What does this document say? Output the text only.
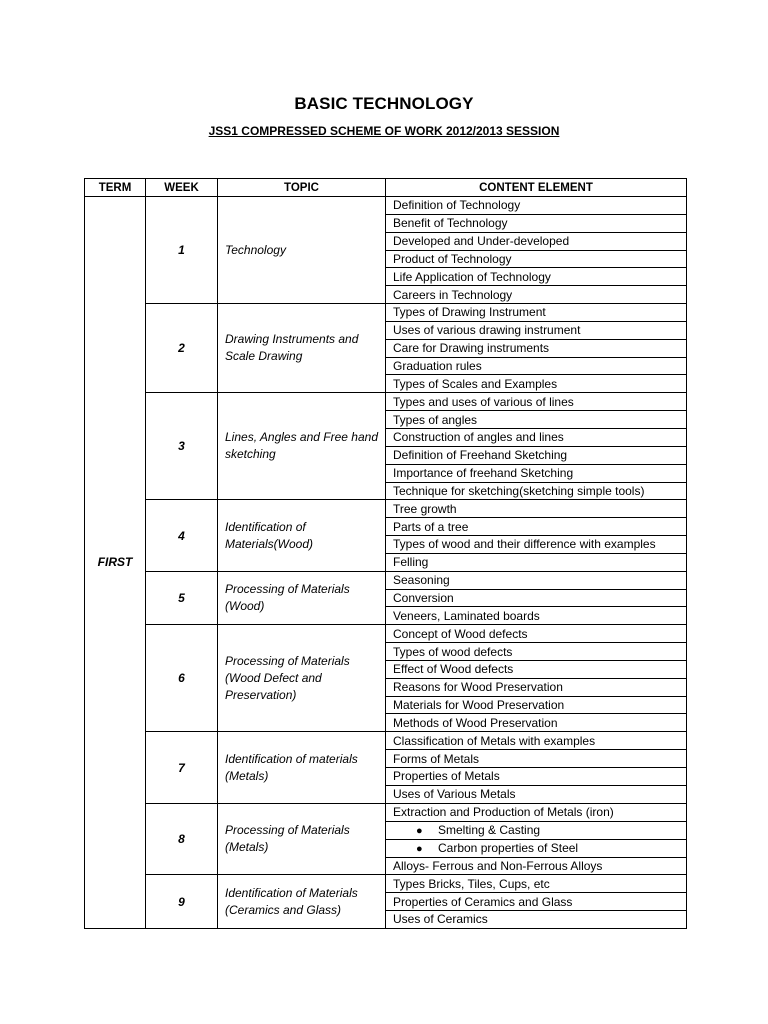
BASIC TECHNOLOGY
JSS1 COMPRESSED SCHEME OF WORK 2012/2013 SESSION
TERM	WEEK	TOPIC	CONTENT ELEMENT
FIRST	1	Technology	Definition of Technology
			Benefit of Technology
			Developed and Under-developed
			Product of Technology
			Life Application of Technology
			Careers in Technology
	2	Drawing Instruments and Scale Drawing	Types of Drawing Instrument
			Uses of various drawing instrument
			Care for Drawing instruments
			Graduation rules
			Types of Scales and Examples
	3	Lines, Angles and Free hand sketching	Types and uses of various of lines
			Types of angles
			Construction of angles and lines
			Definition of Freehand Sketching
			Importance of freehand Sketching
			Technique for sketching(sketching simple tools)
	4	Identification of Materials(Wood)	Tree growth
			Parts of a tree
			Types of wood and their difference with examples
			Felling
	5	Processing of Materials (Wood)	Seasoning
			Conversion
			Veneers, Laminated boards
	6	Processing of Materials (Wood Defect and Preservation)	Concept of Wood defects
			Types of wood defects
			Effect of Wood defects
			Reasons for Wood Preservation
			Materials for Wood Preservation
			Methods of Wood Preservation
	7	Identification of materials (Metals)	Classification of Metals with examples
			Forms of Metals
			Properties of Metals
			Uses of Various Metals
	8	Processing of Materials (Metals)	Extraction and Production of Metals (iron)
			● Smelting & Casting
			● Carbon properties of Steel
			Alloys- Ferrous and Non-Ferrous Alloys
	9	Identification of Materials (Ceramics and Glass)	Types Bricks, Tiles, Cups, etc
			Properties of Ceramics and Glass
			Uses of Ceramics
